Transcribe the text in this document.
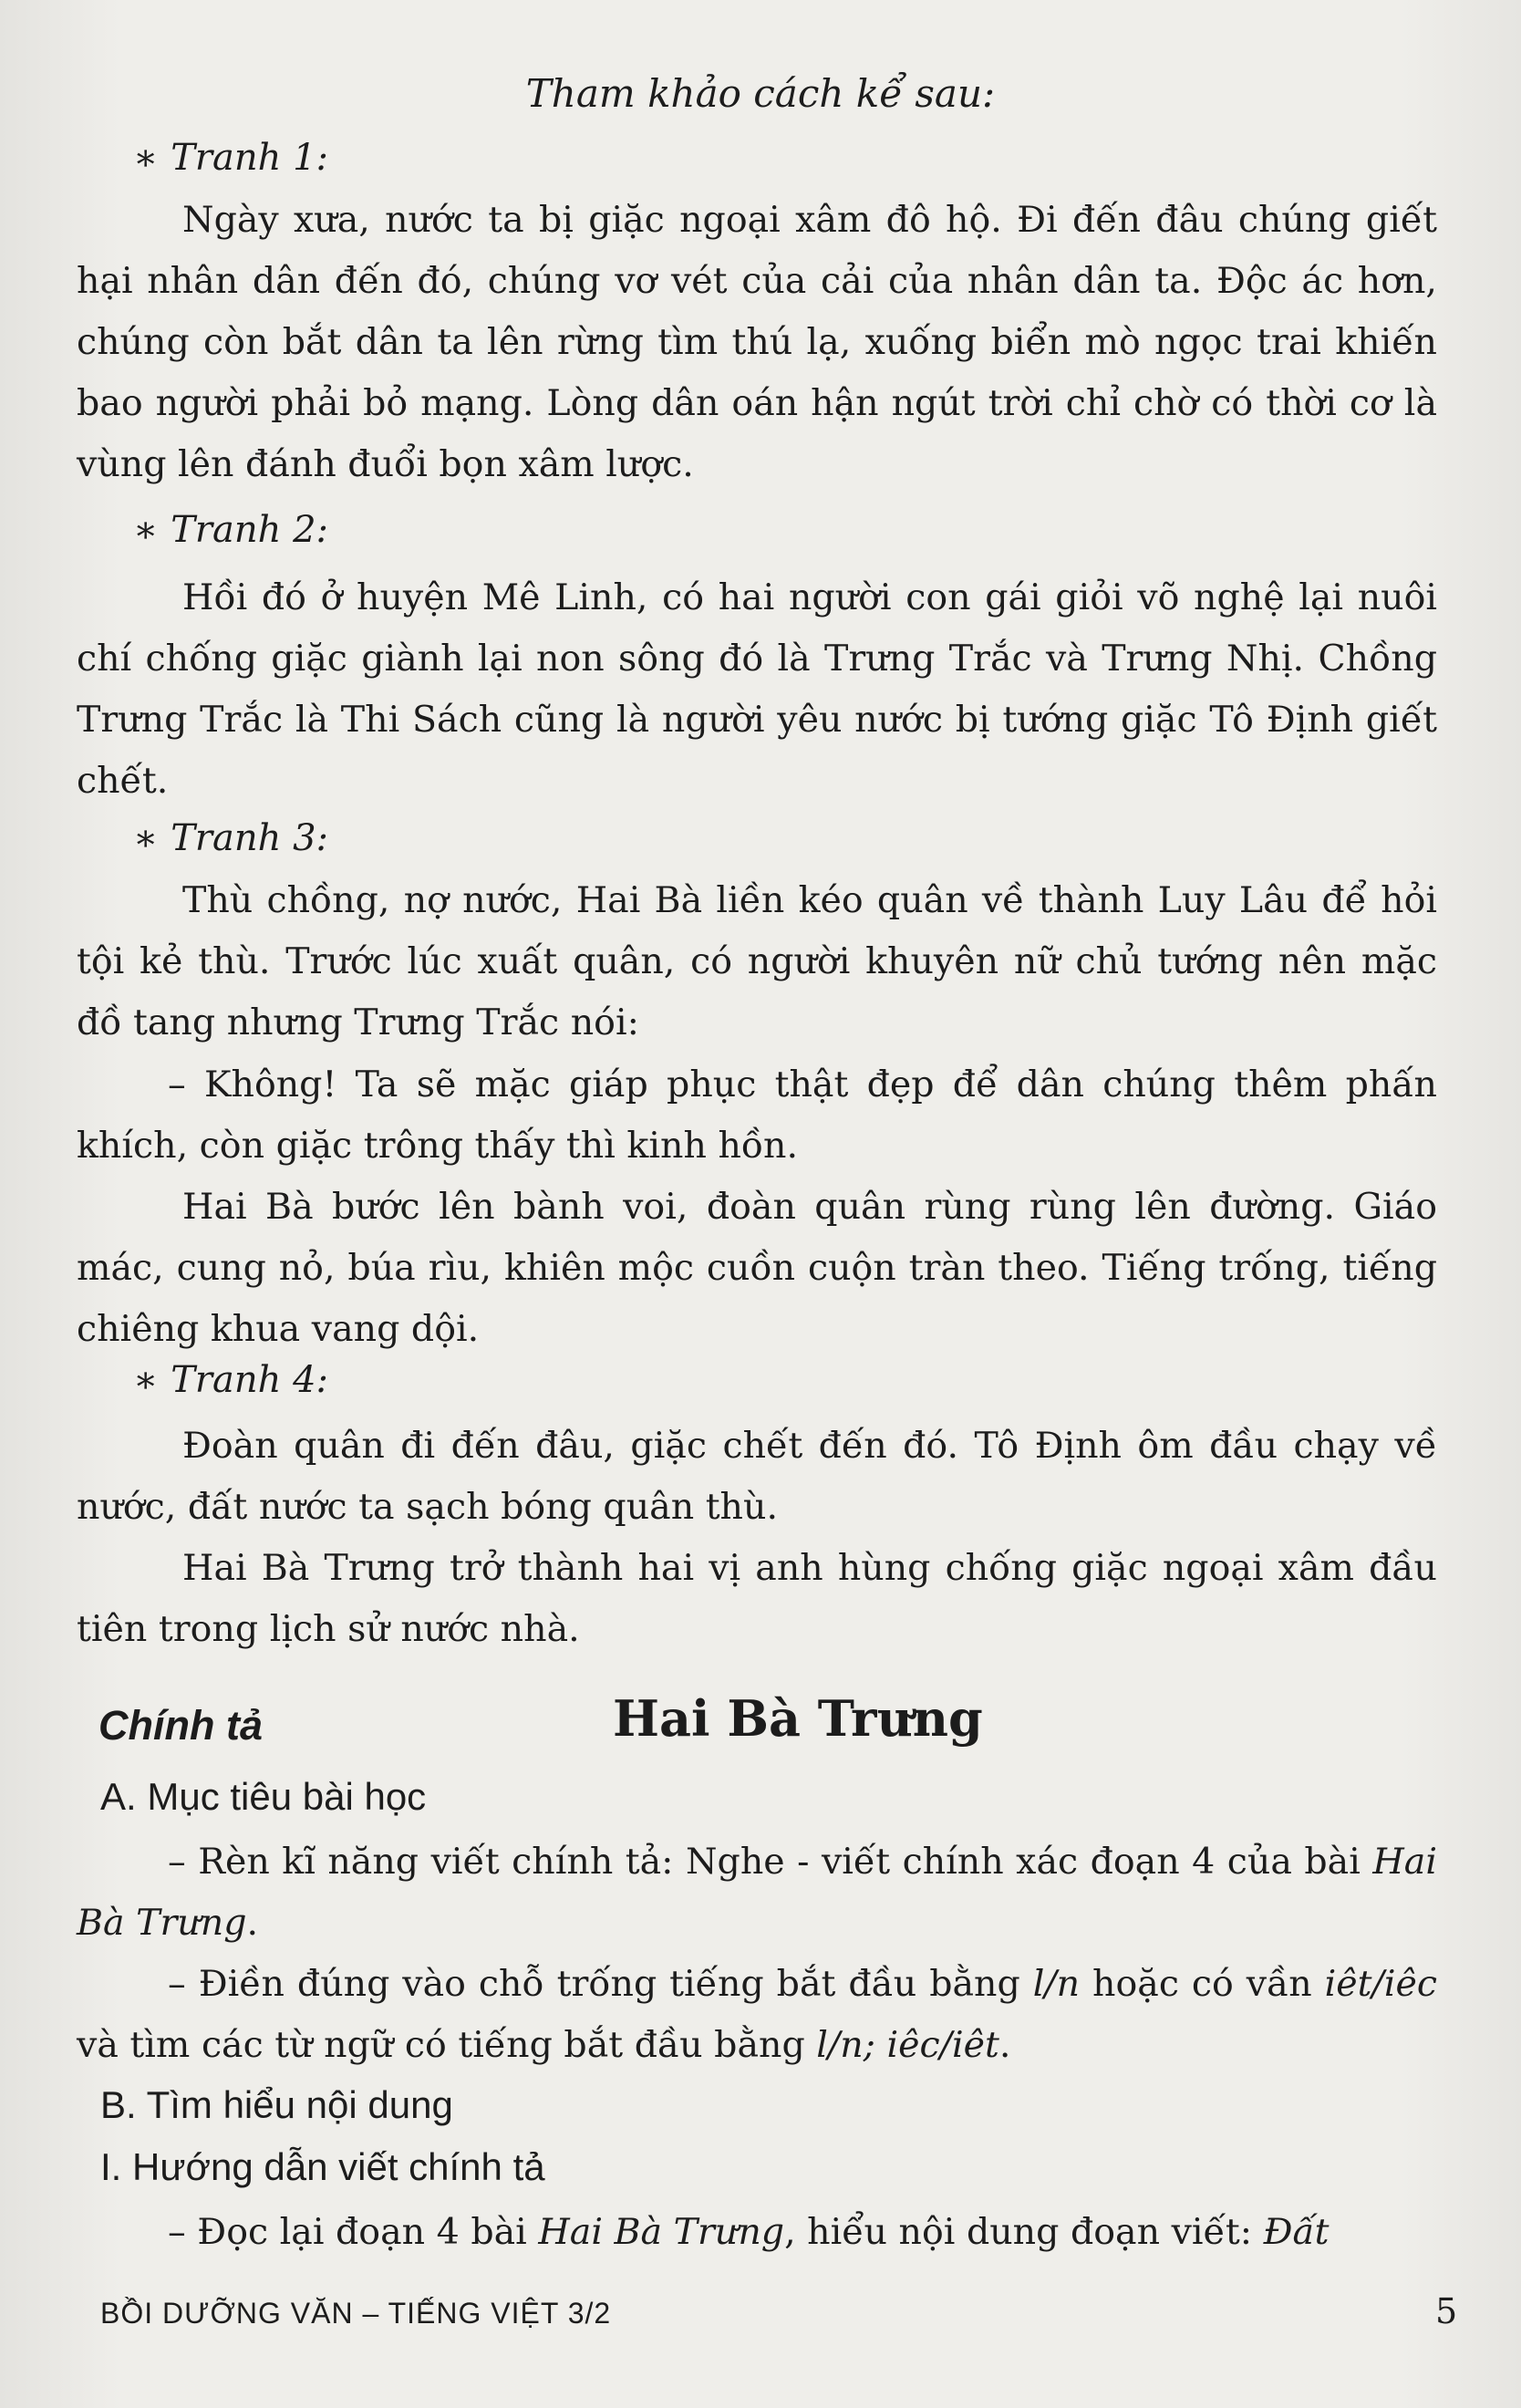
Tham khảo cách kể sau:

∗ Tranh 1:

Ngày xưa, nước ta bị giặc ngoại xâm đô hộ. Đi đến đâu chúng giết hại nhân dân đến đó, chúng vơ vét của cải của nhân dân ta. Độc ác hơn, chúng còn bắt dân ta lên rừng tìm thú lạ, xuống biển mò ngọc trai khiến bao người phải bỏ mạng. Lòng dân oán hận ngút trời chỉ chờ có thời cơ là vùng lên đánh đuổi bọn xâm lược.

∗ Tranh 2:

Hồi đó ở huyện Mê Linh, có hai người con gái giỏi võ nghệ lại nuôi chí chống giặc giành lại non sông đó là Trưng Trắc và Trưng Nhị. Chồng Trưng Trắc là Thi Sách cũng là người yêu nước bị tướng giặc Tô Định giết chết.

∗ Tranh 3:

Thù chồng, nợ nước, Hai Bà liền kéo quân về thành Luy Lâu để hỏi tội kẻ thù. Trước lúc xuất quân, có người khuyên nữ chủ tướng nên mặc đồ tang nhưng Trưng Trắc nói:

– Không! Ta sẽ mặc giáp phục thật đẹp để dân chúng thêm phấn khích, còn giặc trông thấy thì kinh hồn.

Hai Bà bước lên bành voi, đoàn quân rùng rùng lên đường. Giáo mác, cung nỏ, búa rìu, khiên mộc cuồn cuộn tràn theo. Tiếng trống, tiếng chiêng khua vang dội.

∗ Tranh 4:

Đoàn quân đi đến đâu, giặc chết đến đó. Tô Định ôm đầu chạy về nước, đất nước ta sạch bóng quân thù.

Hai Bà Trưng trở thành hai vị anh hùng chống giặc ngoại xâm đầu tiên trong lịch sử nước nhà.

Chính tả	Hai Bà Trưng

A. Mục tiêu bài học

– Rèn kĩ năng viết chính tả: Nghe - viết chính xác đoạn 4 của bài Hai Bà Trưng.

– Điền đúng vào chỗ trống tiếng bắt đầu bằng l/n hoặc có vần iêt/iêc và tìm các từ ngữ có tiếng bắt đầu bằng l/n; iêc/iêt.

B. Tìm hiểu nội dung

I. Hướng dẫn viết chính tả

– Đọc lại đoạn 4 bài Hai Bà Trưng, hiểu nội dung đoạn viết: Đất

BỒI DƯỠNG VĂN – TIẾNG VIỆT 3/2	5
